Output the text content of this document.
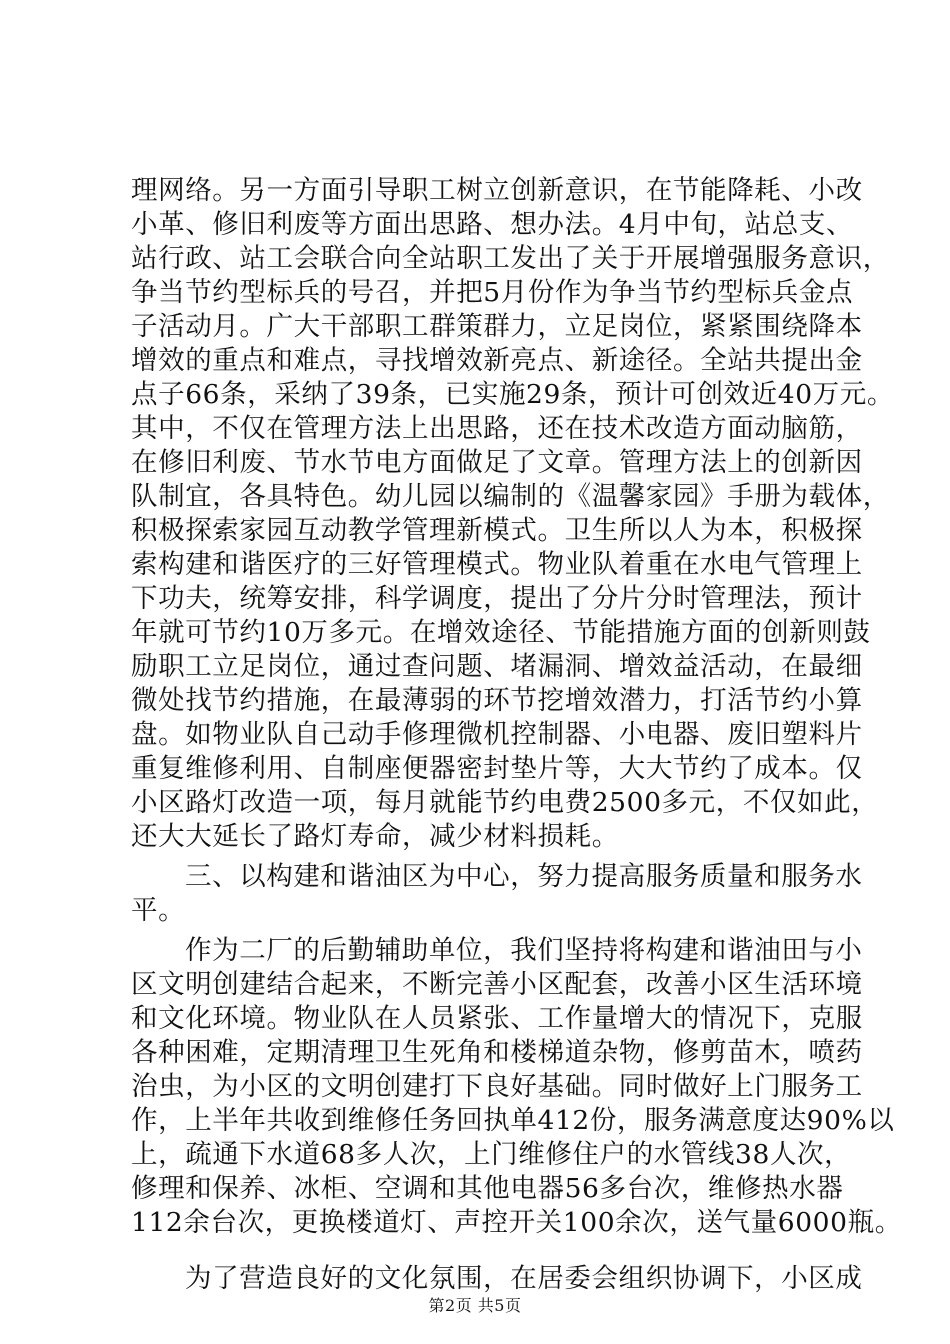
理网络。另一方面引导职工树立创新意识，在节能降耗、小改
小革、修旧利废等方面出思路、想办法。4月中旬，站总支、
站行政、站工会联合向全站职工发出了关于开展增强服务意识，
争当节约型标兵的号召，并把5月份作为争当节约型标兵金点
子活动月。广大干部职工群策群力，立足岗位，紧紧围绕降本
增效的重点和难点，寻找增效新亮点、新途径。全站共提出金
点子66条，采纳了39条，已实施29条，预计可创效近40万元。
其中，不仅在管理方法上出思路，还在技术改造方面动脑筋，
在修旧利废、节水节电方面做足了文章。管理方法上的创新因
队制宜，各具特色。幼儿园以编制的《温馨家园》手册为载体，
积极探索家园互动教学管理新模式。卫生所以人为本，积极探
索构建和谐医疗的三好管理模式。物业队着重在水电气管理上
下功夫，统筹安排，科学调度，提出了分片分时管理法，预计
年就可节约10万多元。在增效途径、节能措施方面的创新则鼓
励职工立足岗位，通过查问题、堵漏洞、增效益活动，在最细
微处找节约措施，在最薄弱的环节挖增效潜力，打活节约小算
盘。如物业队自己动手修理微机控制器、小电器、废旧塑料片
重复维修利用、自制座便器密封垫片等，大大节约了成本。仅
小区路灯改造一项，每月就能节约电费2500多元，不仅如此，
还大大延长了路灯寿命，减少材料损耗。
三、以构建和谐油区为中心，努力提高服务质量和服务水
平。
作为二厂的后勤辅助单位，我们坚持将构建和谐油田与小
区文明创建结合起来，不断完善小区配套，改善小区生活环境
和文化环境。物业队在人员紧张、工作量增大的情况下，克服
各种困难，定期清理卫生死角和楼梯道杂物，修剪苗木，喷药
治虫，为小区的文明创建打下良好基础。同时做好上门服务工
作，上半年共收到维修任务回执单412份，服务满意度达90%以
上，疏通下水道68多人次，上门维修住户的水管线38人次，
修理和保养、冰柜、空调和其他电器56多台次，维修热水器
112余台次，更换楼道灯、声控开关100余次，送气量6000瓶。
为了营造良好的文化氛围，在居委会组织协调下，小区成
第2页 共5页
